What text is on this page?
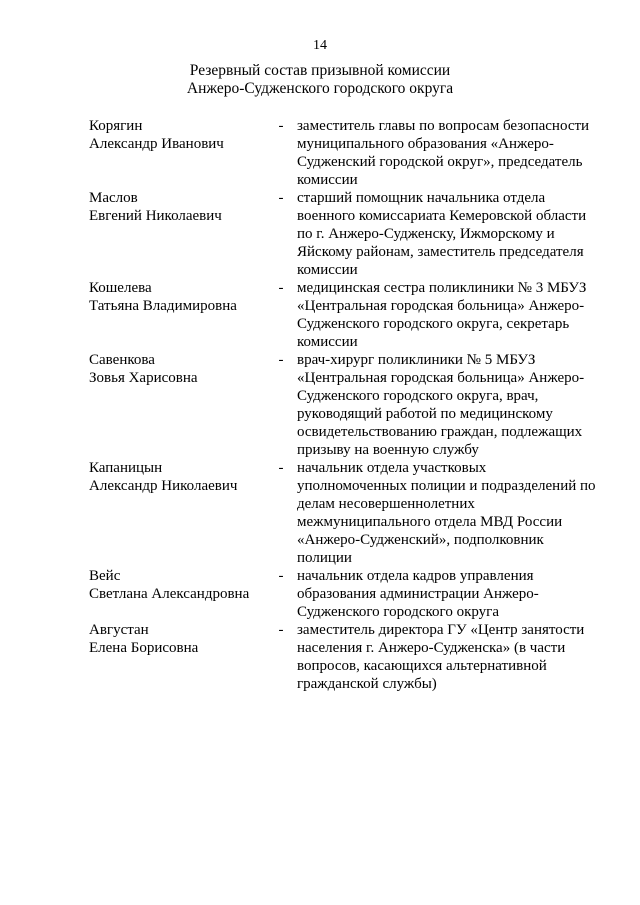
14
Резервный состав призывной комиссии
Анжеро-Судженского городского округа
Корягин
Александр Иванович
- заместитель главы по вопросам безопасности муниципального образования «Анжеро-Судженский городской округ», председатель комиссии
Маслов
Евгений Николаевич
- старший помощник начальника отдела военного комиссариата Кемеровской области по г. Анжеро-Судженску, Ижморскому и Яйскому районам, заместитель председателя комиссии
Кошелева
Татьяна Владимировна
- медицинская сестра поликлиники № 3 МБУЗ «Центральная городская больница» Анжеро-Судженского городского округа, секретарь комиссии
Савенкова
Зовья Харисовна
- врач-хирург поликлиники № 5 МБУЗ «Центральная городская больница» Анжеро-Судженского городского округа, врач, руководящий работой по медицинскому освидетельствованию граждан, подлежащих призыву на военную службу
Капаницын
Александр Николаевич
- начальник отдела участковых уполномоченных полиции и подразделений по делам несовершеннолетних межмуниципального отдела МВД России «Анжеро-Судженский», подполковник полиции
Вейс
Светлана Александровна
- начальник отдела кадров управления образования администрации Анжеро-Судженского городского округа
Августан
Елена Борисовна
- заместитель директора ГУ «Центр занятости населения г. Анжеро-Судженска» (в части вопросов, касающихся альтернативной гражданской службы)
